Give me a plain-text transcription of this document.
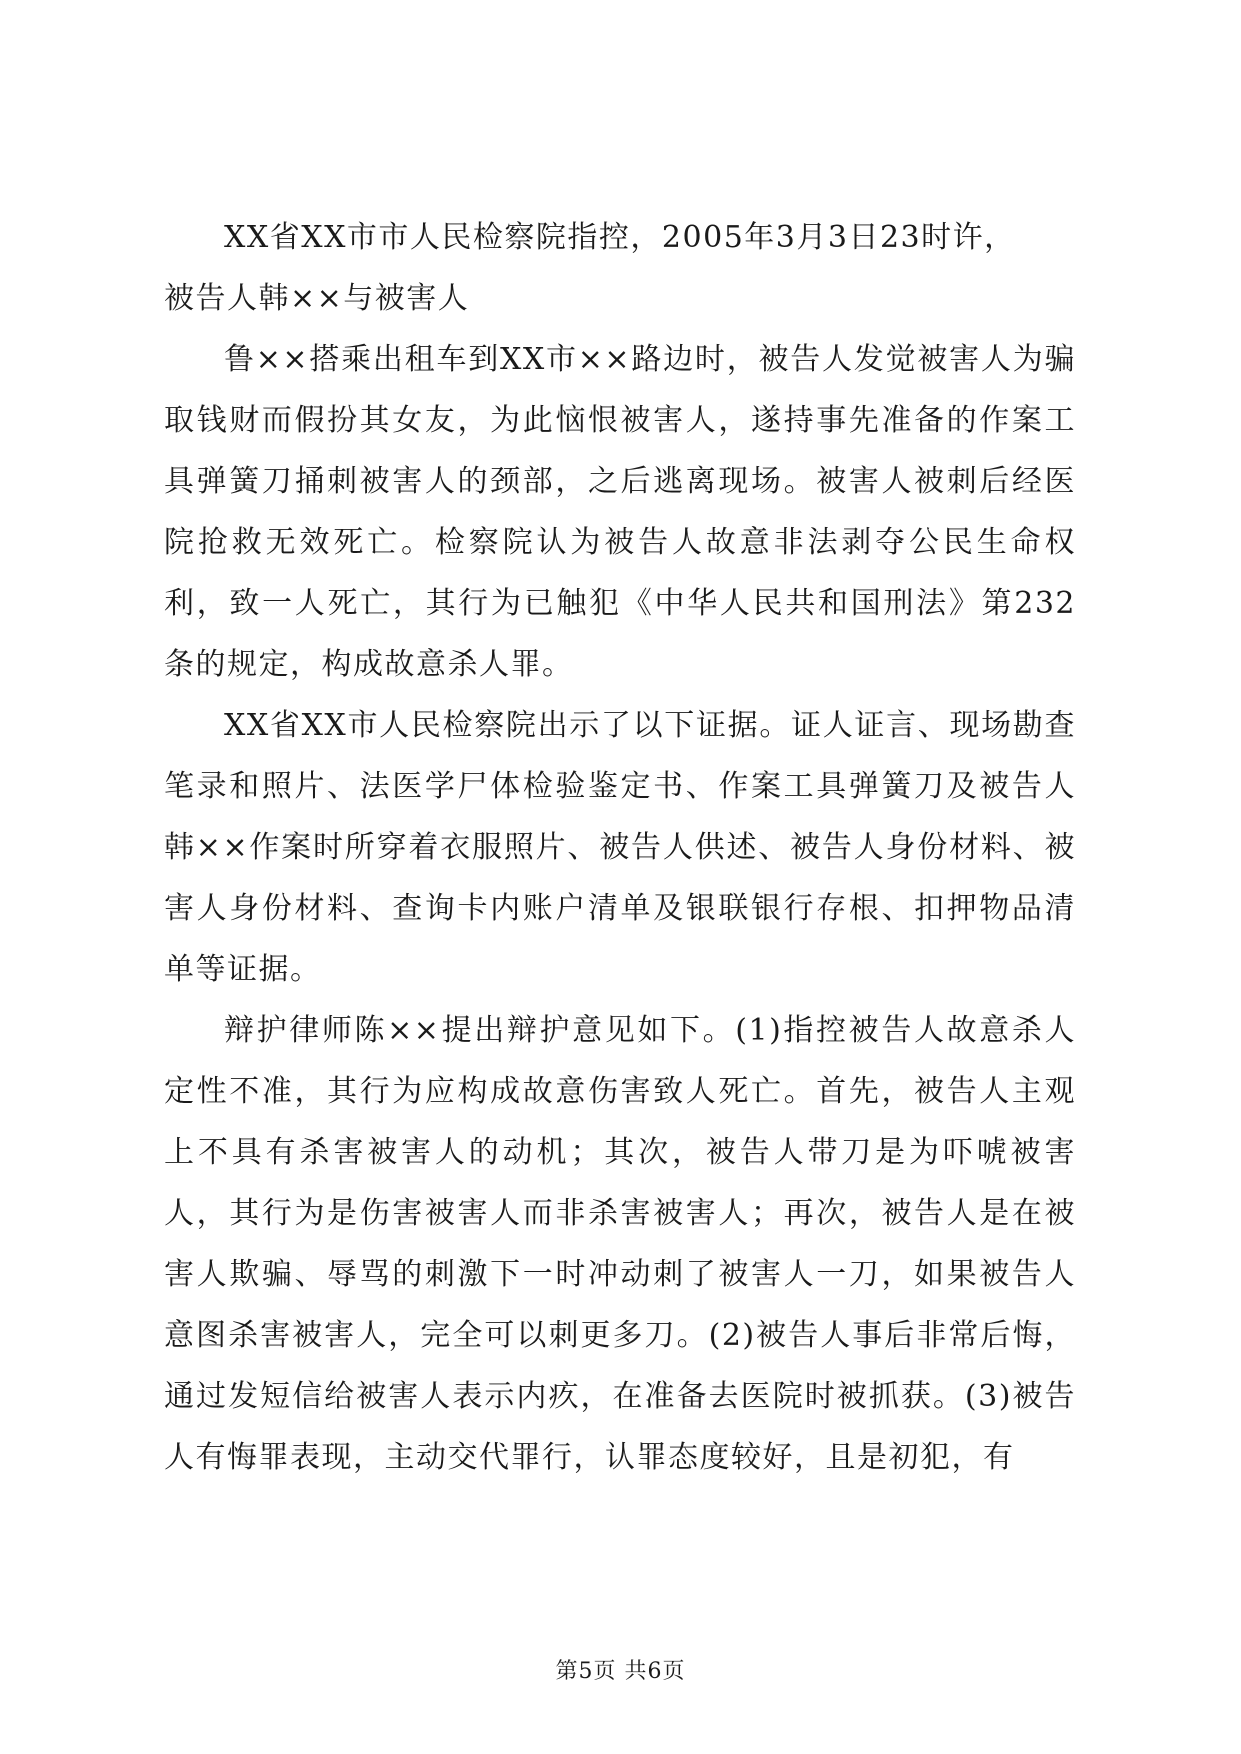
XX省XX市市人民检察院指控，2005年3月3日23时许，

被告人韩××与被害人

鲁××搭乘出租车到XX市××路边时，被告人发觉被害人为骗取钱财而假扮其女友，为此恼恨被害人，遂持事先准备的作案工具弹簧刀捅刺被害人的颈部，之后逃离现场。被害人被刺后经医院抢救无效死亡。检察院认为被告人故意非法剥夺公民生命权利，致一人死亡，其行为已触犯《中华人民共和国刑法》第232条的规定，构成故意杀人罪。

XX省XX市人民检察院出示了以下证据。证人证言、现场勘查笔录和照片、法医学尸体检验鉴定书、作案工具弹簧刀及被告人韩××作案时所穿着衣服照片、被告人供述、被告人身份材料、被害人身份材料、查询卡内账户清单及银联银行存根、扣押物品清单等证据。

辩护律师陈××提出辩护意见如下。(1)指控被告人故意杀人定性不准，其行为应构成故意伤害致人死亡。首先，被告人主观上不具有杀害被害人的动机；其次，被告人带刀是为吓唬被害人，其行为是伤害被害人而非杀害被害人；再次，被告人是在被害人欺骗、辱骂的刺激下一时冲动刺了被害人一刀，如果被告人意图杀害被害人，完全可以刺更多刀。(2)被告人事后非常后悔，通过发短信给被害人表示内疚，在准备去医院时被抓获。(3)被告人有悔罪表现，主动交代罪行，认罪态度较好，且是初犯，有

第5页 共6页
